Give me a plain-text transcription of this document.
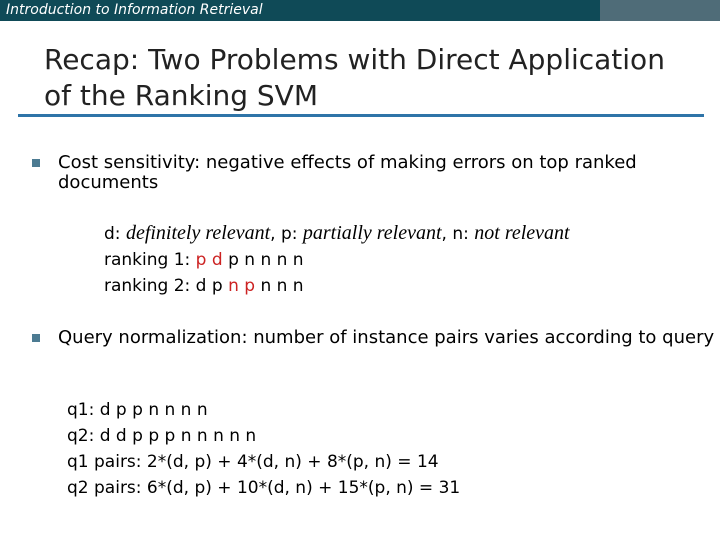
Introduction to Information Retrieval
Recap: Two Problems with Direct Application of the Ranking SVM
Cost sensitivity: negative effects of making errors on top ranked documents
d: definitely relevant, p: partially relevant, n: not relevant
ranking 1: p d p n n n n
ranking 2: d p n p n n n
Query normalization: number of instance pairs varies according to query
q1: d p p n n n n
q2: d d p p p n n n n n
q1 pairs: 2*(d, p) + 4*(d, n) + 8*(p, n) = 14
q2 pairs: 6*(d, p) + 10*(d, n) + 15*(p, n) = 31
